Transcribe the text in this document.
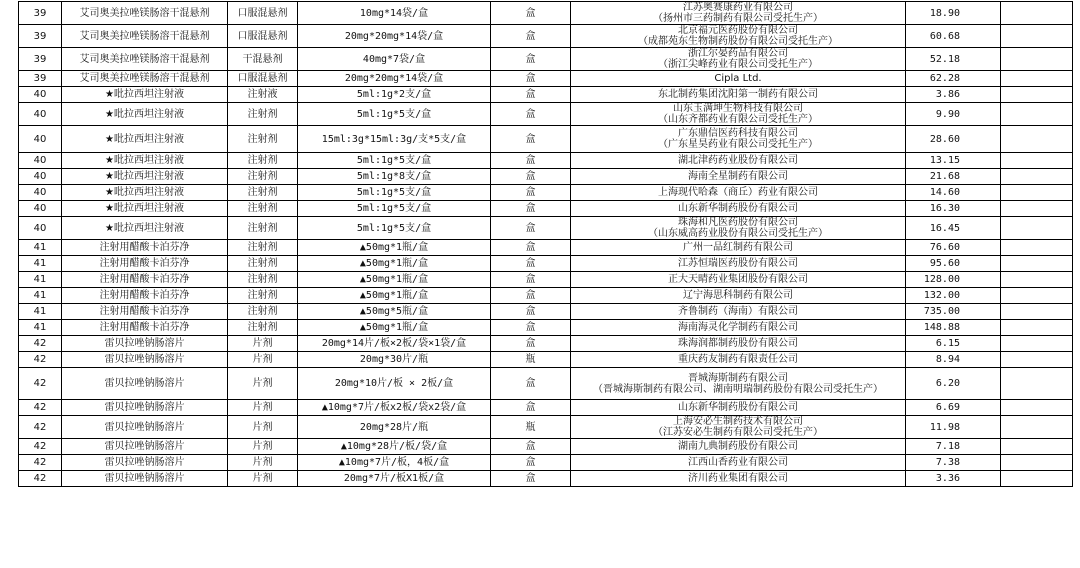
39	艾司奥美拉唑镁肠溶干混悬剂	口服混悬剂	10mg*14袋/盒	盒	江苏奥赛康药业有限公司
（扬州市三药制药有限公司受托生产）	18.90	
39	艾司奥美拉唑镁肠溶干混悬剂	口服混悬剂	20mg*20mg*14袋/盒	盒	北京福元医药股份有限公司
（成都苑东生物制药股份有限公司受托生产）	60.68	
39	艾司奥美拉唑镁肠溶干混悬剂	干混悬剂	40mg*7袋/盒	盒	浙江尔晏药品有限公司
（浙江尖峰药业有限公司受托生产）	52.18	
39	艾司奥美拉唑镁肠溶干混悬剂	口服混悬剂	20mg*20mg*14袋/盒	盒	Cipla Ltd.	62.28	
40	★吡拉西坦注射液	注射液	5ml:1g*2支/盒	盒	东北制药集团沈阳第一制药有限公司	3.86	
40	★吡拉西坦注射液	注射剂	5ml:1g*5支/盒	盒	山东玉满坤生物科技有限公司
（山东齐都药业有限公司受托生产）	9.90	
40	★吡拉西坦注射液	注射剂	15ml:3g*15ml:3g/支*5支/盒	盒	广东鼎信医药科技有限公司
（广东星昊药业有限公司受托生产）	28.60	
40	★吡拉西坦注射液	注射剂	5ml:1g*5支/盒	盒	湖北津药药业股份有限公司	13.15	
40	★吡拉西坦注射液	注射剂	5ml:1g*8支/盒	盒	海南全星制药有限公司	21.68	
40	★吡拉西坦注射液	注射剂	5ml:1g*5支/盒	盒	上海现代哈森（商丘）药业有限公司	14.60	
40	★吡拉西坦注射液	注射剂	5ml:1g*5支/盒	盒	山东新华制药股份有限公司	16.30	
40	★吡拉西坦注射液	注射剂	5ml:1g*5支/盒	盒	珠海和凡医药股份有限公司
（山东威高药业股份有限公司受托生产）	16.45	
41	注射用醋酸卡泊芬净	注射剂	▲50mg*1瓶/盒	盒	广州一品红制药有限公司	76.60	
41	注射用醋酸卡泊芬净	注射剂	▲50mg*1瓶/盒	盒	江苏恒瑞医药股份有限公司	95.60	
41	注射用醋酸卡泊芬净	注射剂	▲50mg*1瓶/盒	盒	正大天晴药业集团股份有限公司	128.00	
41	注射用醋酸卡泊芬净	注射剂	▲50mg*1瓶/盒	盒	辽宁海思科制药有限公司	132.00	
41	注射用醋酸卡泊芬净	注射剂	▲50mg*5瓶/盒	盒	齐鲁制药（海南）有限公司	735.00	
41	注射用醋酸卡泊芬净	注射剂	▲50mg*1瓶/盒	盒	海南海灵化学制药有限公司	148.88	
42	雷贝拉唑钠肠溶片	片剂	20mg*14片/板×2板/袋×1袋/盒	盒	珠海润都制药股份有限公司	6.15	
42	雷贝拉唑钠肠溶片	片剂	20mg*30片/瓶	瓶	重庆药友制药有限责任公司	8.94	
42	雷贝拉唑钠肠溶片	片剂	20mg*10片/板 × 2板/盒	盒	晋城海斯制药有限公司
（晋城海斯制药有限公司、湖南明瑞制药股份有限公司受托生产）	6.20	
42	雷贝拉唑钠肠溶片	片剂	▲10mg*7片/板x2板/袋x2袋/盒	盒	山东新华制药股份有限公司	6.69	
42	雷贝拉唑钠肠溶片	片剂	20mg*28片/瓶	瓶	上海安必生制药技术有限公司
（江苏安必生制药有限公司受托生产）	11.98	
42	雷贝拉唑钠肠溶片	片剂	▲10mg*28片/板/袋/盒	盒	湖南九典制药股份有限公司	7.18	
42	雷贝拉唑钠肠溶片	片剂	▲10mg*7片/板，4板/盒	盒	江西山香药业有限公司	7.38	
42	雷贝拉唑钠肠溶片	片剂	20mg*7片/板X1板/盒	盒	济川药业集团有限公司	3.36	
